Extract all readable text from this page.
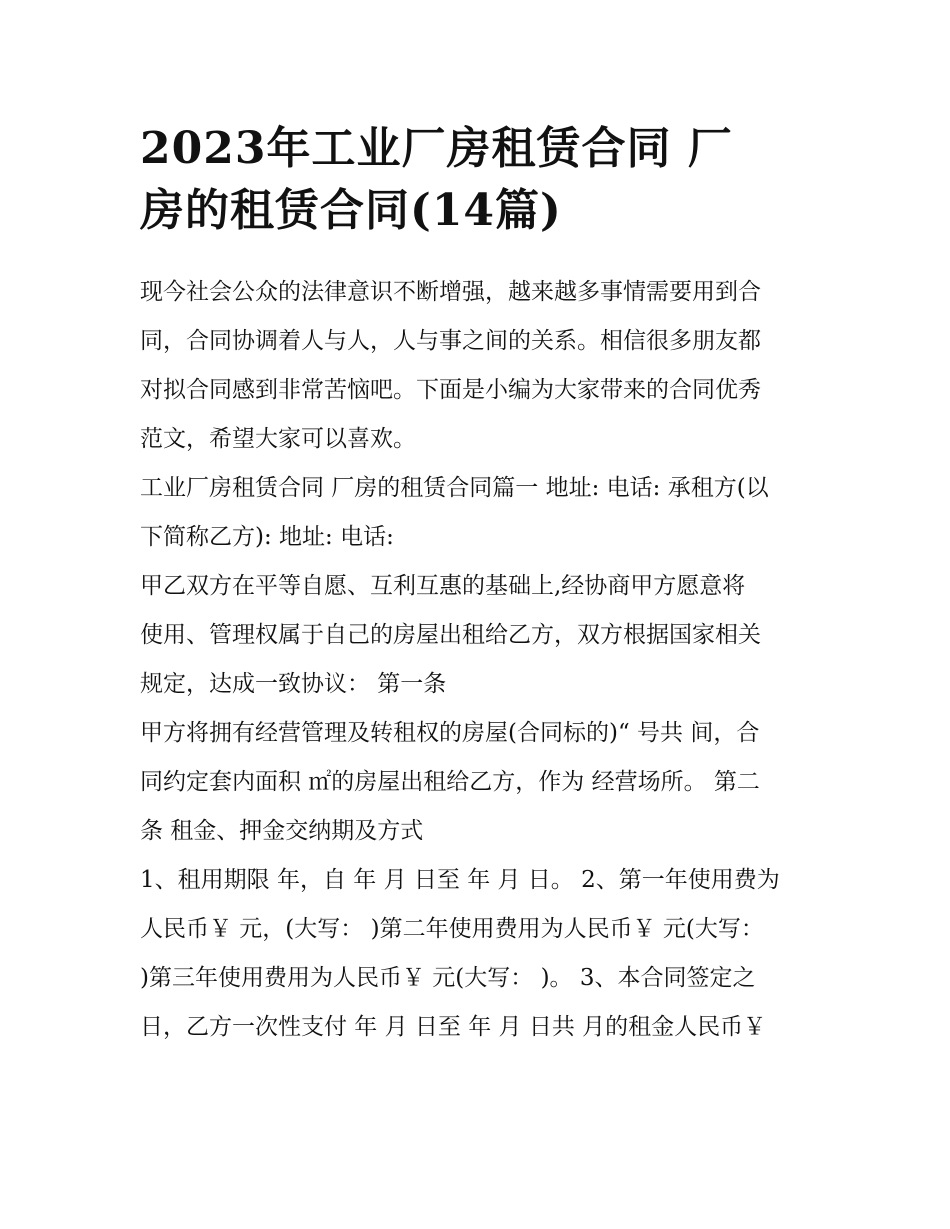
2023年工业厂房租赁合同 厂
房的租赁合同(14篇)
现今社会公众的法律意识不断增强，越来越多事情需要用到合
同，合同协调着人与人，人与事之间的关系。相信很多朋友都
对拟合同感到非常苦恼吧。下面是小编为大家带来的合同优秀
范文，希望大家可以喜欢。
工业厂房租赁合同 厂房的租赁合同篇一 地址: 电话: 承租方(以
下简称乙方): 地址: 电话:
甲乙双方在平等自愿、互利互惠的基础上,经协商甲方愿意将
使用、管理权属于自己的房屋出租给乙方，双方根据国家相关
规定，达成一致协议： 第一条
甲方将拥有经营管理及转租权的房屋(合同标的)“ 号共 间，合
同约定套内面积 ㎡的房屋出租给乙方，作为 经营场所。 第二
条 租金、押金交纳期及方式
1、租用期限 年，自 年 月 日至 年 月 日。 2、第一年使用费为
人民币￥ 元，(大写： )第二年使用费用为人民币￥ 元(大写：
)第三年使用费用为人民币￥ 元(大写： )。 3、本合同签定之
日，乙方一次性支付 年 月 日至 年 月 日共 月的租金人民币￥
